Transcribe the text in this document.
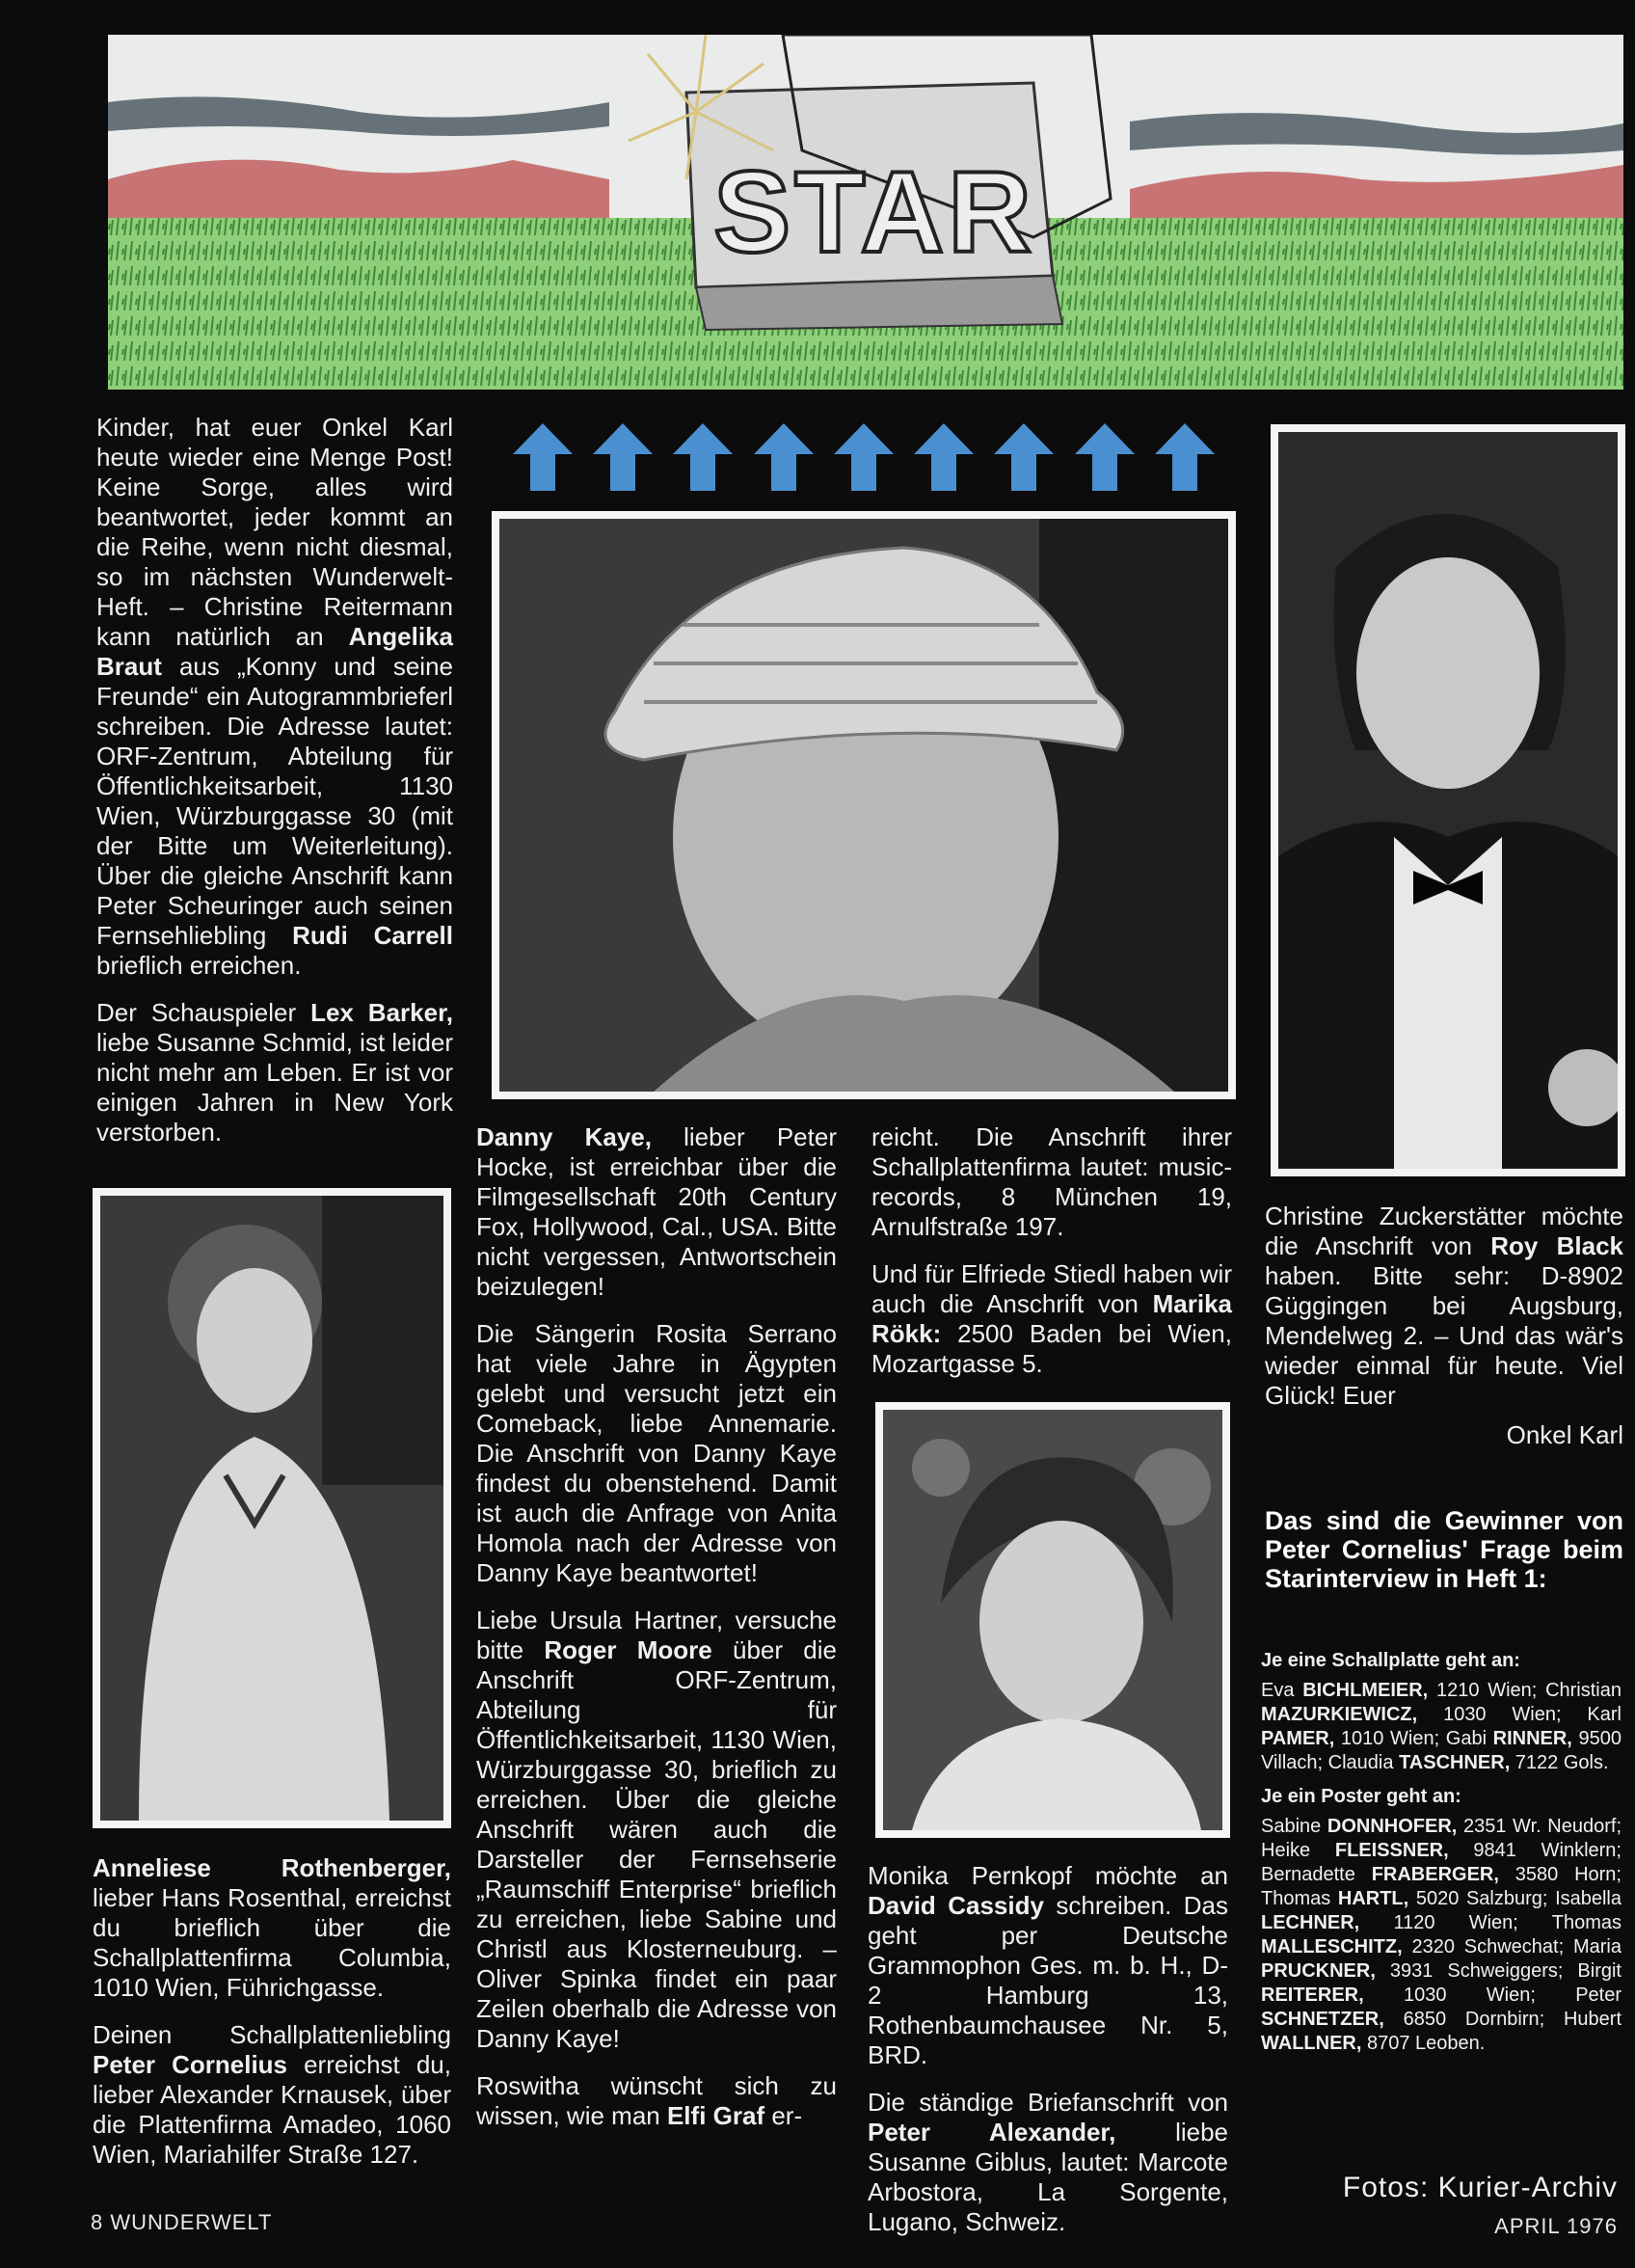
STAR

Kinder, hat euer Onkel Karl heute wieder eine Menge Post! Keine Sorge, alles wird beantwortet, jeder kommt an die Reihe, wenn nicht diesmal, so im nächsten Wunderwelt-Heft. – Christine Reitermann kann natürlich an Angelika Braut aus „Konny und seine Freunde“ ein Autogrammbrieferl schreiben. Die Adresse lautet: ORF-Zentrum, Abteilung für Öffentlichkeitsarbeit, 1130 Wien, Würzburggasse 30 (mit der Bitte um Weiterleitung). Über die gleiche Anschrift kann Peter Scheuringer auch seinen Fernsehliebling Rudi Carrell brieflich erreichen.

Der Schauspieler Lex Barker, liebe Susanne Schmid, ist leider nicht mehr am Leben. Er ist vor einigen Jahren in New York verstorben.

Anneliese Rothenberger, lieber Hans Rosenthal, erreichst du brieflich über die Schallplattenfirma Columbia, 1010 Wien, Führichgasse.

Deinen Schallplattenliebling Peter Cornelius erreichst du, lieber Alexander Krnausek, über die Plattenfirma Amadeo, 1060 Wien, Mariahilfer Straße 127.

Danny Kaye, lieber Peter Hocke, ist erreichbar über die Filmgesellschaft 20th Century Fox, Hollywood, Cal., USA. Bitte nicht vergessen, Antwortschein beizulegen!

Die Sängerin Rosita Serrano hat viele Jahre in Ägypten gelebt und versucht jetzt ein Comeback, liebe Annemarie. Die Anschrift von Danny Kaye findest du obenstehend. Damit ist auch die Anfrage von Anita Homola nach der Adresse von Danny Kaye beantwortet!

Liebe Ursula Hartner, versuche bitte Roger Moore über die Anschrift ORF-Zentrum, Abteilung für Öffentlichkeitsarbeit, 1130 Wien, Würzburggasse 30, brieflich zu erreichen. Über die gleiche Anschrift wären auch die Darsteller der Fernsehserie „Raumschiff Enterprise“ brieflich zu erreichen, liebe Sabine und Christl aus Klosterneuburg. – Oliver Spinka findet ein paar Zeilen oberhalb die Adresse von Danny Kaye!

Roswitha wünscht sich zu wissen, wie man Elfi Graf er-

reicht. Die Anschrift ihrer Schallplattenfirma lautet: music-records, 8 München 19, Arnulfstraße 197.

Und für Elfriede Stiedl haben wir auch die Anschrift von Marika Rökk: 2500 Baden bei Wien, Mozartgasse 5.

Monika Pernkopf möchte an David Cassidy schreiben. Das geht per Deutsche Grammophon Ges. m. b. H., D-2 Hamburg 13, Rothenbaumchausee Nr. 5, BRD.

Die ständige Briefanschrift von Peter Alexander, liebe Susanne Giblus, lautet: Marcote Arbostora, La Sorgente, Lugano, Schweiz.

Christine Zuckerstätter möchte die Anschrift von Roy Black haben. Bitte sehr: D-8902 Güggingen bei Augsburg, Mendelweg 2. – Und das wär's wieder einmal für heute. Viel Glück! Euer

Onkel Karl

Das sind die Gewinner von Peter Cornelius' Frage beim Starinterview in Heft 1:
Je eine Schallplatte geht an:

Eva BICHLMEIER, 1210 Wien; Christian MAZURKIEWICZ, 1030 Wien; Karl PAMER, 1010 Wien; Gabi RINNER, 9500 Villach; Claudia TASCHNER, 7122 Gols.

Je ein Poster geht an:

Sabine DONNHOFER, 2351 Wr. Neudorf; Heike FLEISSNER, 9841 Winklern; Bernadette FRABERGER, 3580 Horn; Thomas HARTL, 5020 Salzburg; Isabella LECHNER, 1120 Wien; Thomas MALLESCHITZ, 2320 Schwechat; Maria PRUCKNER, 3931 Schweiggers; Birgit REITERER, 1030 Wien; Peter SCHNETZER, 6850 Dornbirn; Hubert WALLNER, 8707 Leoben.

8 WUNDERWELT
Fotos: Kurier-Archiv
APRIL 1976
